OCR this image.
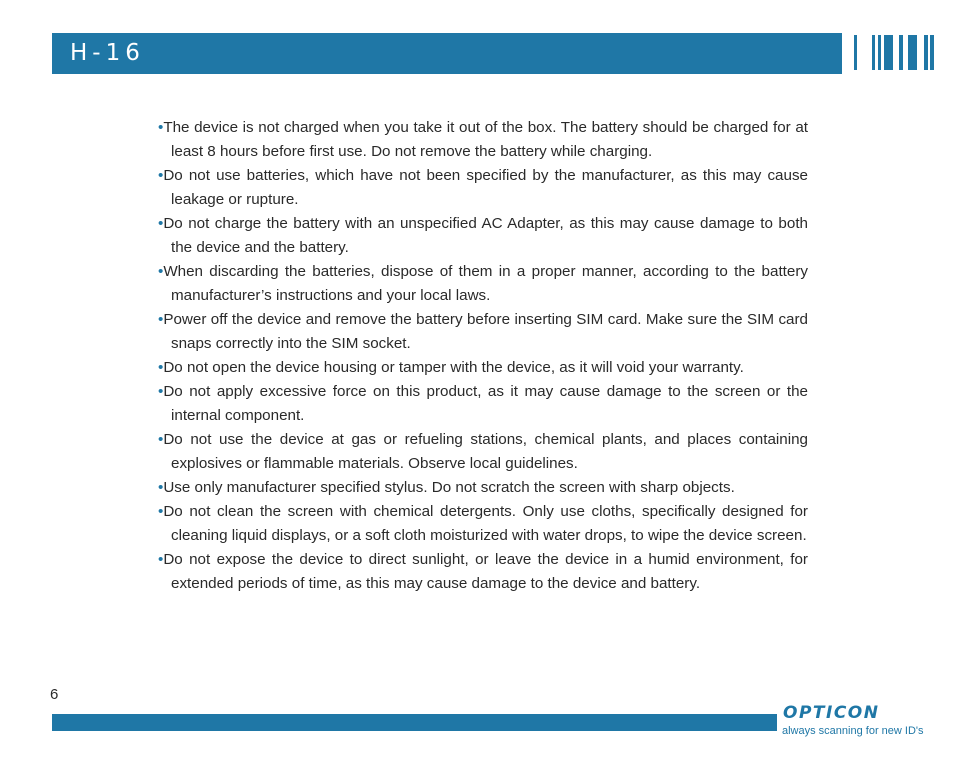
H-16

•The device is not charged when you take it out of the box. The battery should be charged for at least 8 hours before first use. Do not remove the battery while charging.

•Do not use batteries, which have not been specified by the manufacturer, as this may cause leakage or rupture.

•Do not charge the battery with an unspecified AC Adapter, as this may cause damage to both the device and the battery.

•When discarding the batteries, dispose of them in a proper manner, according to the battery manufacturer’s instructions and your local laws.

•Power off the device and remove the battery before inserting SIM card. Make sure the SIM card snaps correctly into the SIM socket.

•Do not open the device housing or tamper with the device, as it will void your warranty.

•Do not apply excessive force on this product, as it may cause damage to the screen or the internal component.

•Do not use the device at gas or refueling stations, chemical plants, and places containing explosives or flammable materials. Observe local guidelines.

•Use only manufacturer specified stylus. Do not scratch the screen with sharp objects.

•Do not clean the screen with chemical detergents. Only use cloths, specifically designed for cleaning liquid displays, or a soft cloth moisturized with water drops, to wipe the device screen.

•Do not expose the device to direct sunlight, or leave the device in a humid environment, for extended periods of time, as this may cause damage to the device and battery.

6
OPTICON
always scanning for new ID's
